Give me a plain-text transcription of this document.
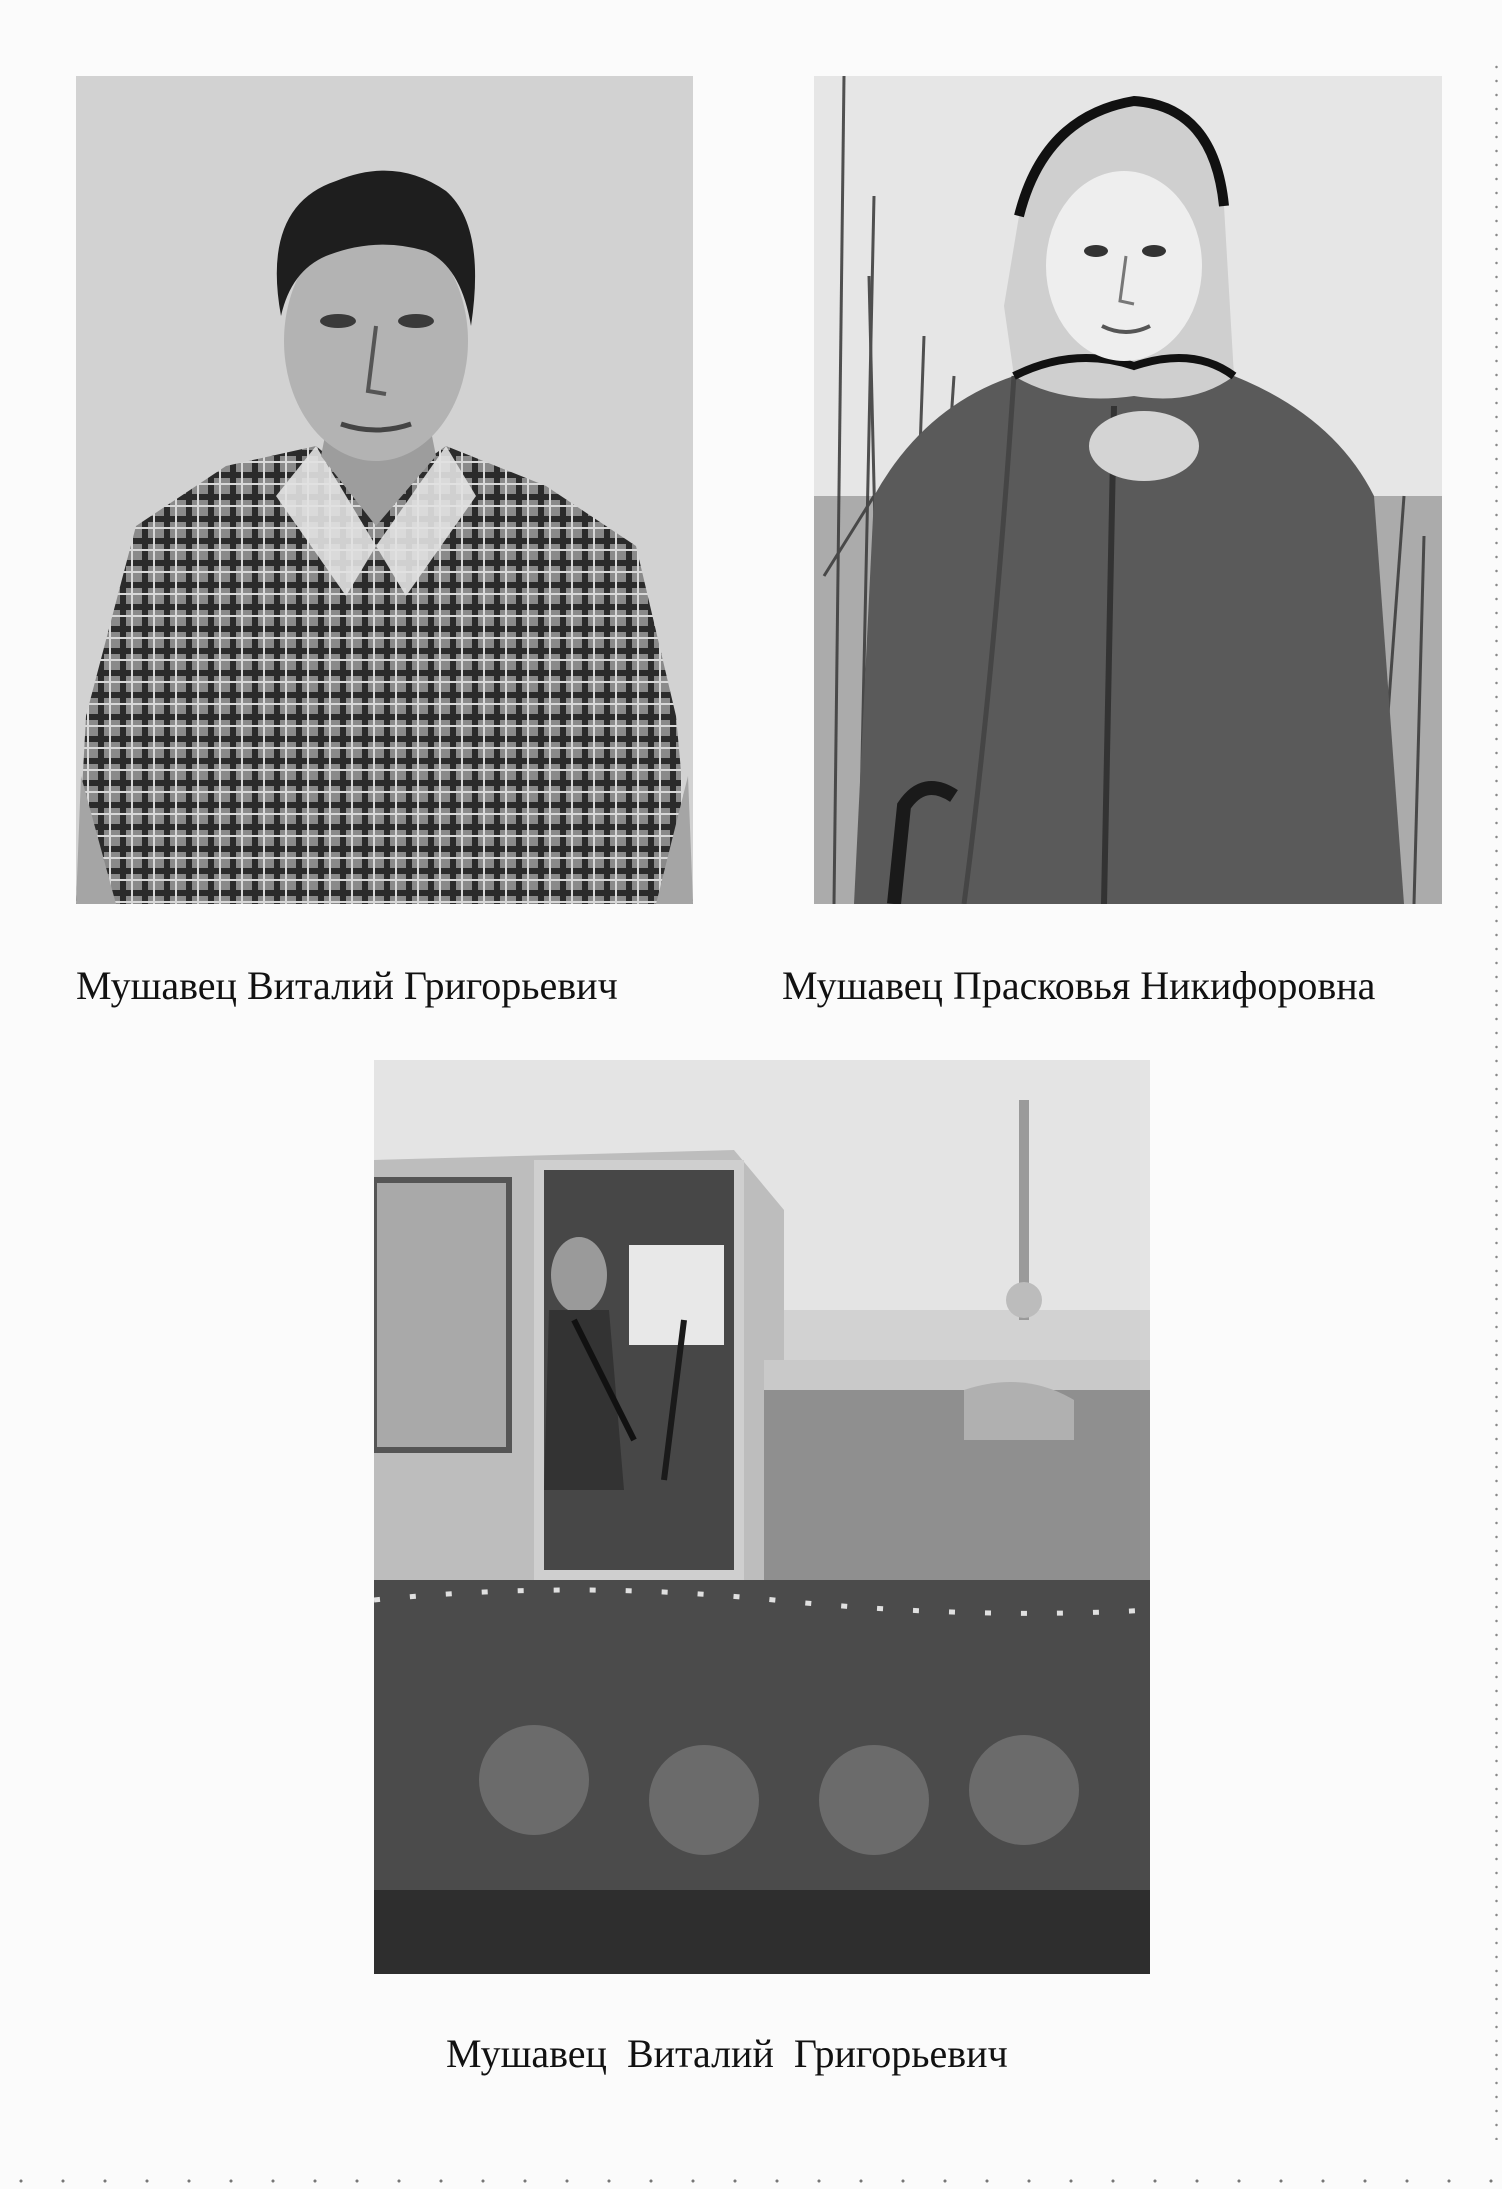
Мушавец Виталий Григорьевич	Мушавец Прасковья Никифоровна
Мушавец  Виталий  Григорьевич
